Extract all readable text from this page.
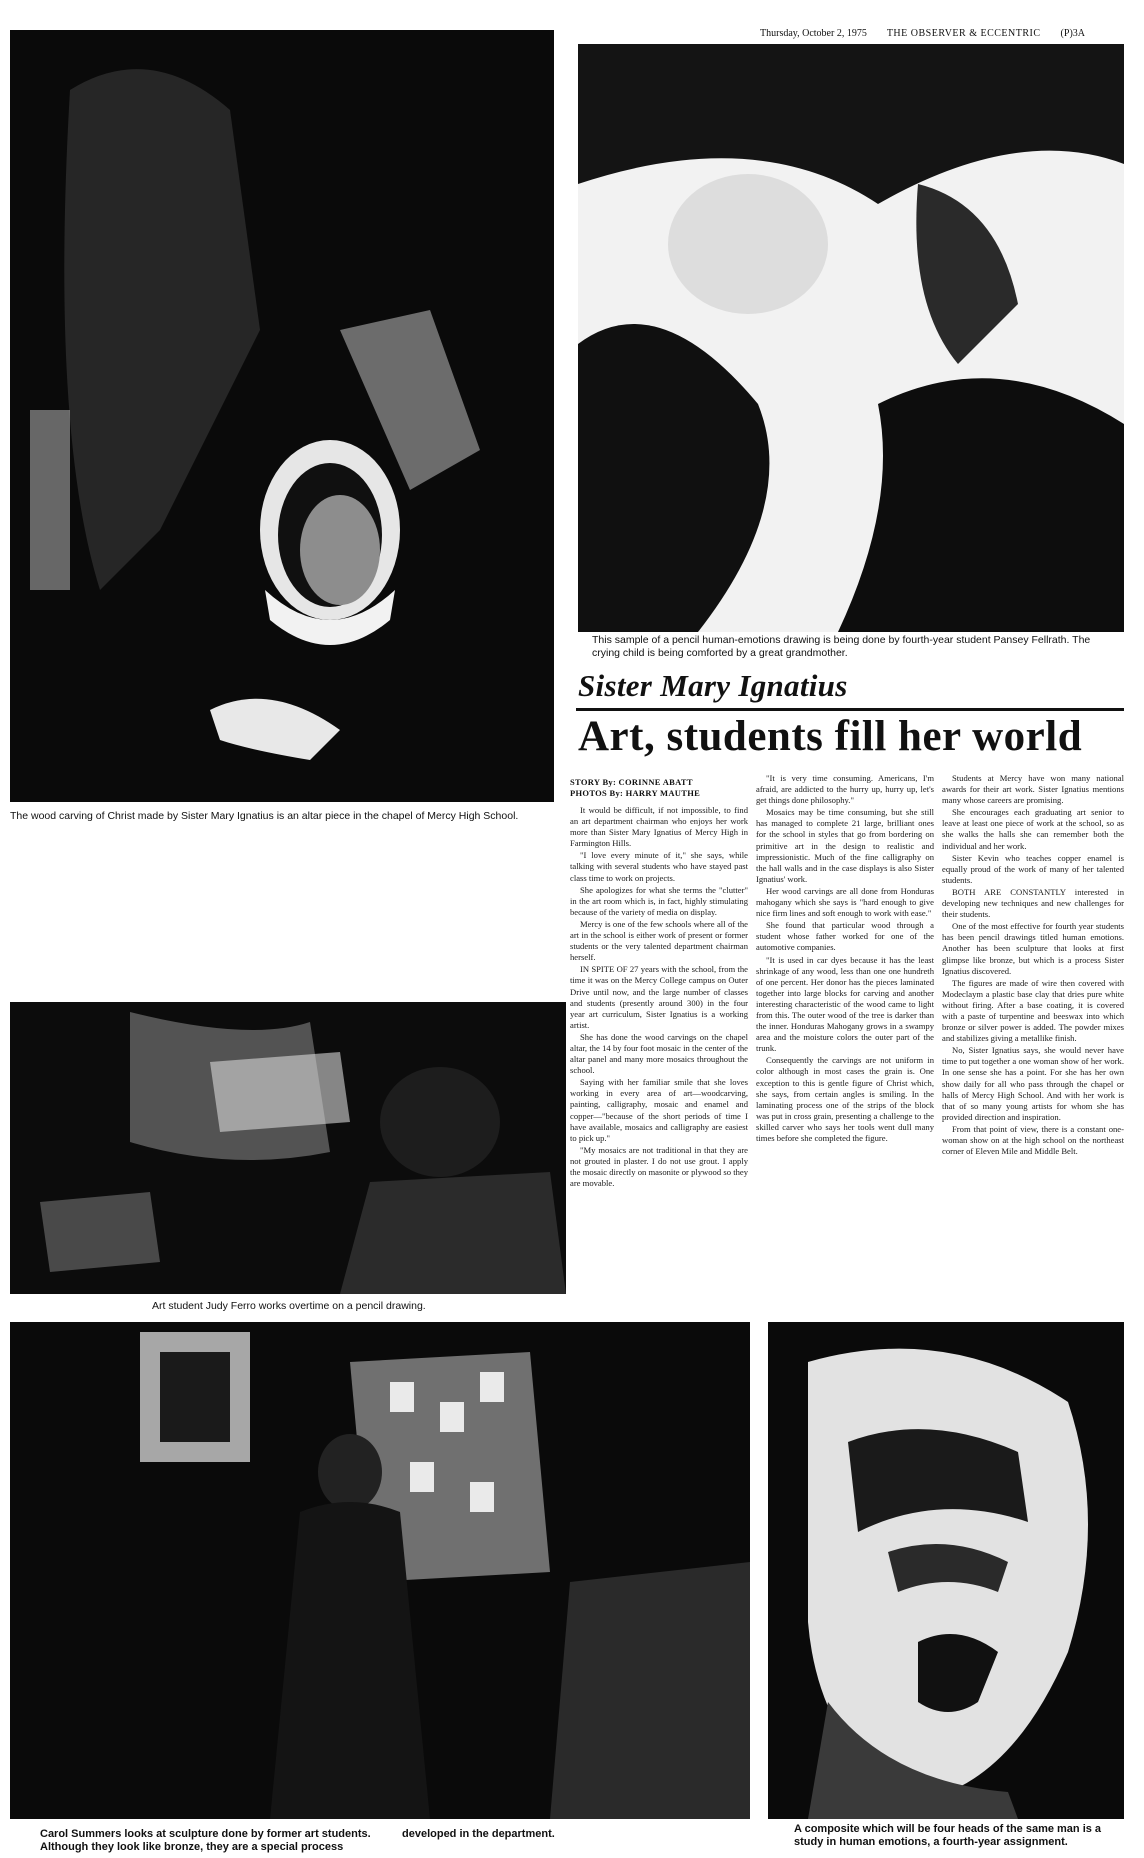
Thursday, October 2, 1975 THE OBSERVER & ECCENTRIC (P)3A
The wood carving of Christ made by Sister Mary Ignatius is an altar piece in the chapel of Mercy High School.
This sample of a pencil human-emotions drawing is being done by fourth-year student Pansey Fellrath. The crying child is being comforted by a great grandmother.
Sister Mary Ignatius
Art, students fill her world
STORY By: CORINNE ABATT
PHOTOS By: HARRY MAUTHE

It would be difficult, if not impossible, to find an art department chairman who enjoys her work more than Sister Mary Ignatius of Mercy High in Farmington Hills.

"I love every minute of it," she says, while talking with several students who have stayed past class time to work on projects.

She apologizes for what she terms the "clutter" in the art room which is, in fact, highly stimulating because of the variety of media on display.

Mercy is one of the few schools where all of the art in the school is either work of present or former students or the very talented department chairman herself.

IN SPITE OF 27 years with the school, from the time it was on the Mercy College campus on Outer Drive until now, and the large number of classes and students (presently around 300) in the four year art curriculum, Sister Ignatius is a working artist.

She has done the wood carvings on the chapel altar, the 14 by four foot mosaic in the center of the altar panel and many more mosaics throughout the school.

Saying with her familiar smile that she loves working in every area of art—woodcarving, painting, calligraphy, mosaic and enamel and copper—"because of the short periods of time I have available, mosaics and calligraphy are easiest to pick up."

"My mosaics are not traditional in that they are not grouted in plaster. I do not use grout. I apply the mosaic directly on masonite or plywood so they are movable.

"It is very time consuming. Americans, I'm afraid, are addicted to the hurry up, hurry up, let's get things done philosophy."

Mosaics may be time consuming, but she still has managed to complete 21 large, brilliant ones for the school in styles that go from bordering on primitive art in the design to realistic and impressionistic. Much of the fine calligraphy on the hall walls and in the case displays is also Sister Ignatius' work.

Her wood carvings are all done from Honduras mahogany which she says is "hard enough to give nice firm lines and soft enough to work with ease."

She found that particular wood through a student whose father worked for one of the automotive companies.

"It is used in car dyes because it has the least shrinkage of any wood, less than one one hundreth of one percent. Her donor has the pieces laminated together into large blocks for carving and another interesting characteristic of the wood came to light from this. The outer wood of the tree is darker than the inner. Honduras Mahogany grows in a swampy area and the moisture colors the outer part of the trunk.

Consequently the carvings are not uniform in color although in most cases the grain is. One exception to this is gentle figure of Christ which, she says, from certain angles is smiling. In the laminating process one of the strips of the block was put in cross grain, presenting a challenge to the skilled carver who says her tools went dull many times before she completed the figure.

Students at Mercy have won many national awards for their art work. Sister Ignatius mentions many whose careers are promising.

She encourages each graduating art senior to leave at least one piece of work at the school, so as she walks the halls she can remember both the individual and her work.

Sister Kevin who teaches copper enamel is equally proud of the work of many of her talented students.

BOTH ARE CONSTANTLY interested in developing new techniques and new challenges for their students.

One of the most effective for fourth year students has been pencil drawings titled human emotions. Another has been sculpture that looks at first glimpse like bronze, but which is a process Sister Ignatius discovered.

The figures are made of wire then covered with Modeclaym a plastic base clay that dries pure white without firing. After a base coating, it is covered with a paste of turpentine and beeswax into which bronze or silver power is added. The powder mixes and stabilizes giving a metallike finish.

No, Sister Ignatius says, she would never have time to put together a one woman show of her work. In one sense she has a point. For she has her own show daily for all who pass through the chapel or halls of Mercy High School. And with her work is that of so many young artists for whom she has provided direction and inspiration.

From that point of view, there is a constant one-woman show on at the high school on the northeast corner of Eleven Mile and Middle Belt.

Art student Judy Ferro works overtime on a pencil drawing.
Carol Summers looks at sculpture done by former art students. Although they look like bronze, they are a special process
developed in the department.	A composite which will be four heads of the same man is a study in human emotions, a fourth-year assignment.
